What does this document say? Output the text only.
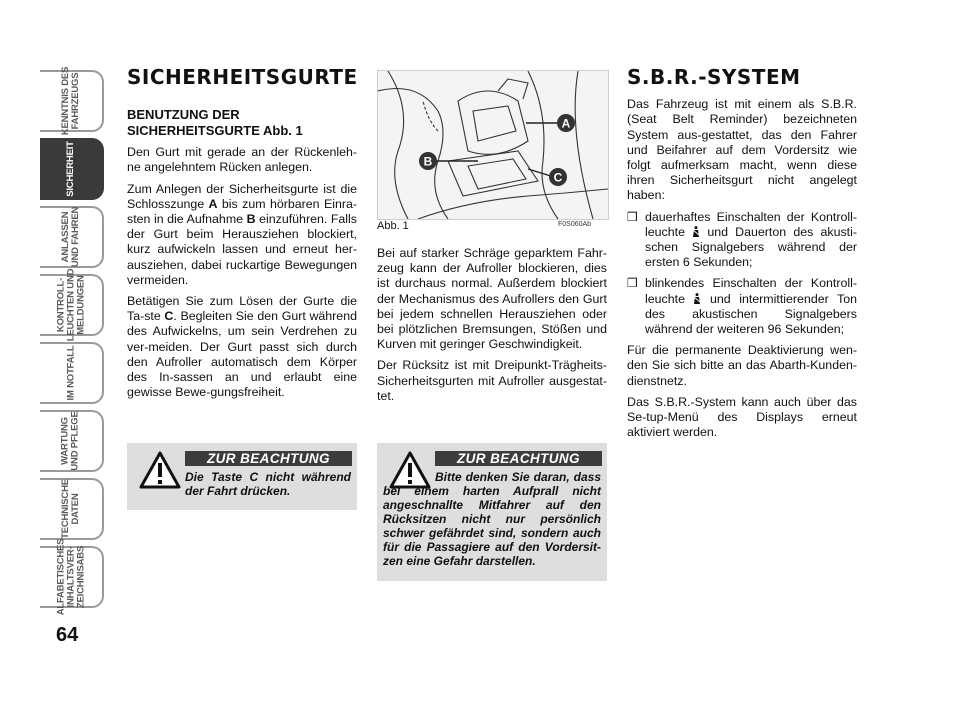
KENNTNIS DES
FAHRZEUGS
SICHERHEIT
ANLASSEN
UND FAHREN
KONTROLL-
LEUCHTEN UND
MELDUNGEN
IM NOTFALL
WARTUNG
UND PFLEGE
TECHNISCHE
DATEN
ALFABETISCHES
INHALTSVER-
ZEICHNISABS
64
SICHERHEITSGURTE
BENUTZUNG DER
SICHERHEITSGURTE Abb. 1

Den Gurt mit gerade an der Rückenleh-ne angelehntem Rücken anlegen.

Zum Anlegen der Sicherheitsgurte ist die Schlosszunge A bis zum hörbaren Einra-sten in die Aufnahme B einzuführen. Falls der Gurt beim Herausziehen blockiert, kurz aufwickeln lassen und erneut her-ausziehen, dabei ruckartige Bewegungen vermeiden.

Betätigen Sie zum Lösen der Gurte die Ta-ste C. Begleiten Sie den Gurt während des Aufwickelns, um sein Verdrehen zu ver-meiden. Der Gurt passt sich durch den Aufroller automatisch dem Körper des In-sassen an und erlaubt eine gewisse Bewe-gungsfreiheit.

A
B
C
Abb. 1	F0S060Ab

Bei auf starker Schräge geparktem Fahr-zeug kann der Aufroller blockieren, dies ist durchaus normal. Außerdem blockiert der Mechanismus des Aufrollers den Gurt bei jedem schnellen Herausziehen oder bei plötzlichen Bremsungen, Stößen und Kurven mit geringer Geschwindigkeit.

Der Rücksitz ist mit Dreipunkt-Trägheits-Sicherheitsgurten mit Aufroller ausgestat-tet.

S.B.R.-SYSTEM

Das Fahrzeug ist mit einem als S.B.R. (Seat Belt Reminder) bezeichneten System aus-gestattet, das den Fahrer und Beifahrer auf dem Vordersitz wie folgt aufmerksam macht, wenn diese ihren Sicherheitsgurt nicht angelegt haben:

❒ dauerhaftes Einschalten der Kontroll-leuchte  und Dauerton des akusti-schen Signalgebers während der ersten 6 Sekunden;
❒ blinkendes Einschalten der Kontroll-leuchte  und intermittierender Ton des akustischen Signalgebers während der weiteren 96 Sekunden;

Für die permanente Deaktivierung wen-den Sie sich bitte an das Abarth-Kunden-dienstnetz.

Das S.B.R.-System kann auch über das Se-tup-Menü des Displays erneut aktiviert werden.

ZUR BEACHTUNG
Die Taste C nicht während der Fahrt drücken.
ZUR BEACHTUNG
Bitte denken Sie daran, dass bei einem harten Aufprall nicht angeschnallte Mitfahrer auf den Rücksitzen nicht nur persönlich schwer gefährdet sind, sondern auch für die Passagiere auf den Vordersit-zen eine Gefahr darstellen.
